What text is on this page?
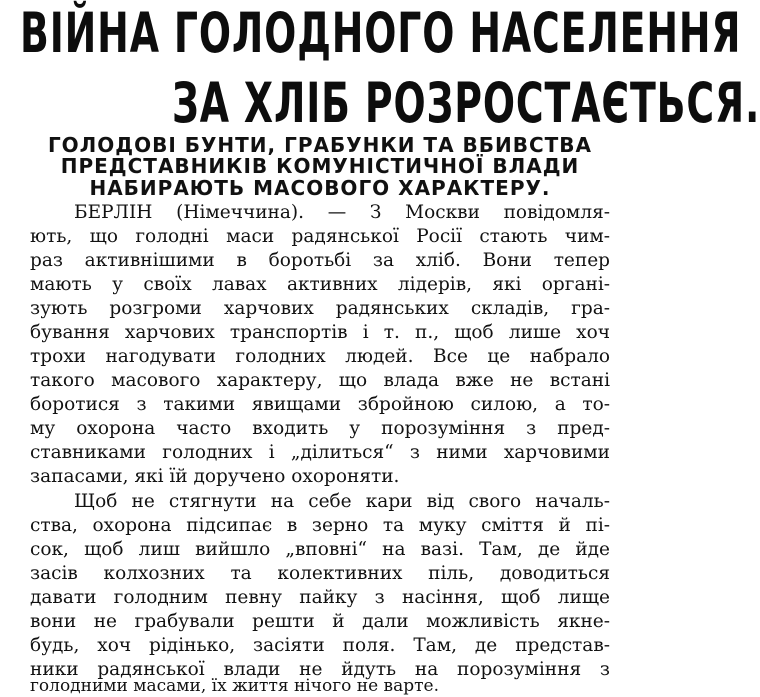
ВІЙНА ГОЛОДНОГО НАСЕЛЕННЯ
ЗА ХЛІБ РОЗРОСТАЄТЬСЯ.
ГОЛОДОВІ БУНТИ, ГРАБУНКИ ТА ВБИВСТВА
ПРЕДСТАВНИКІВ КОМУНІСТИЧНОЇ ВЛАДИ
НАБИРАЮТЬ МАСОВОГО ХАРАКТЕРУ.
БЕРЛІН (Німеччина). — З Москви повідомля-
ють, що голодні маси радянської Росії стають чим-
раз активнішими в боротьбі за хліб. Вони тепер
мають у своїх лавах активних лідерів, які органі-
зують розгроми харчових радянських складів, гра-
бування харчових транспортів і т. п., щоб лише хоч
трохи нагодувати голодних людей. Все це набрало
такого масового характеру, що влада вже не встані
боротися з такими явищами збройною силою, а то-
му охорона часто входить у порозуміння з пред-
ставниками голодних і „ділиться“ з ними харчовими
запасами, які їй доручено охороняти.
Щоб не стягнути на себе кари від свого началь-
ства, охорона підсипає в зерно та муку сміття й пі-
сок, щоб лиш вийшло „вповні“ на вазі. Там, де йде
засів колхозних та колективних піль, доводиться
давати голодним певну пайку з насіння, щоб лище
вони не грабували решти й дали можливість якне-
будь, хоч рідінько, засіяти поля. Там, де представ-
ники радянської влади не йдуть на порозуміння з
голодними масами, їх життя нічого не варте.
